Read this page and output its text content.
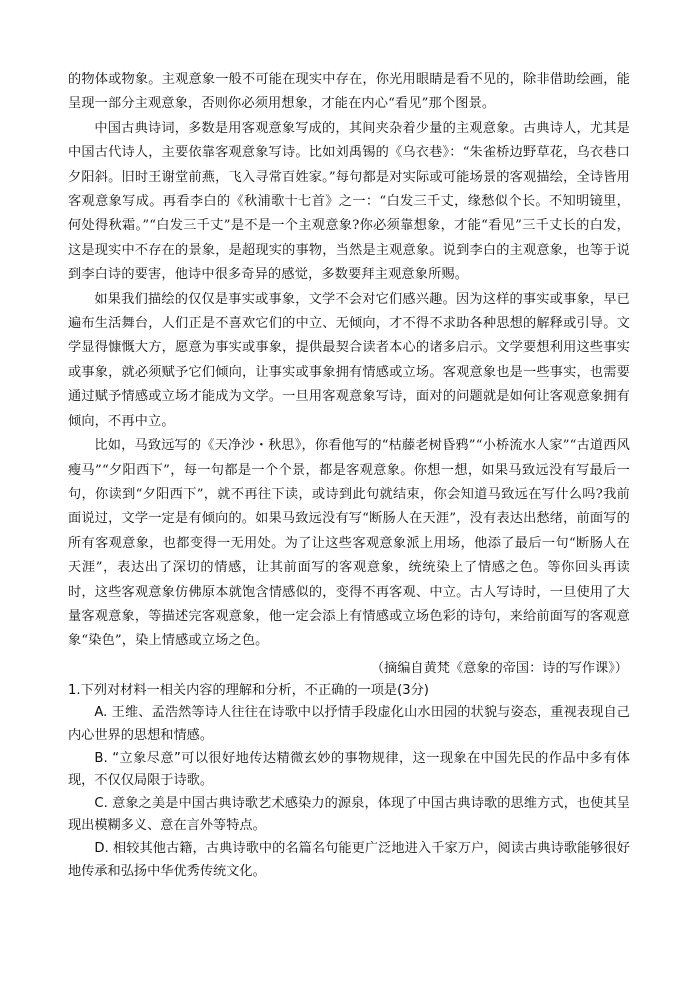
的物体或物象。主观意象一般不可能在现实中存在，你光用眼睛是看不见的，除非借助绘画，能呈现一部分主观意象，否则你必须用想象，才能在内心“看见”那个图景。

中国古典诗词，多数是用客观意象写成的，其间夹杂着少量的主观意象。古典诗人，尤其是中国古代诗人，主要依靠客观意象写诗。比如刘禹锡的《乌衣巷》：“朱雀桥边野草花，乌衣巷口夕阳斜。旧时王谢堂前燕，飞入寻常百姓家。”每句都是对实际或可能场景的客观描绘，全诗皆用客观意象写成。再看李白的《秋浦歌十七首》之一：“白发三千丈，缘愁似个长。不知明镜里，何处得秋霜。”“白发三千丈”是不是一个主观意象?你必须靠想象，才能“看见”三千丈长的白发，这是现实中不存在的景象，是超现实的事物，当然是主观意象。说到李白的主观意象，也等于说到李白诗的要害，他诗中很多奇异的感觉，多数要拜主观意象所赐。

如果我们描绘的仅仅是事实或事象，文学不会对它们感兴趣。因为这样的事实或事象，早已遍布生活舞台，人们正是不喜欢它们的中立、无倾向，才不得不求助各种思想的解释或引导。文学显得慷慨大方，愿意为事实或事象，提供最契合读者本心的诸多启示。文学要想利用这些事实或事象，就必须赋予它们倾向，让事实或事象拥有情感或立场。客观意象也是一些事实，也需要通过赋予情感或立场才能成为文学。一旦用客观意象写诗，面对的问题就是如何让客观意象拥有倾向，不再中立。

比如，马致远写的《天净沙・秋思》，你看他写的“枯藤老树昏鸦”“小桥流水人家”“古道西风瘦马”“夕阳西下”，每一句都是一个个景，都是客观意象。你想一想，如果马致远没有写最后一句，你读到“夕阳西下”，就不再往下读，或诗到此句就结束，你会知道马致远在写什么吗?我前面说过，文学一定是有倾向的。如果马致远没有写“断肠人在天涯”，没有表达出愁绪，前面写的所有客观意象，也都变得一无用处。为了让这些客观意象派上用场，他添了最后一句“断肠人在天涯”，表达出了深切的情感，让其前面写的客观意象，统统染上了情感之色。等你回头再读时，这些客观意象仿佛原本就饱含情感似的，变得不再客观、中立。古人写诗时，一旦使用了大量客观意象，等描述完客观意象，他一定会添上有情感或立场色彩的诗句，来给前面写的客观意象“染色”，染上情感或立场之色。

（摘编自黄梵《意象的帝国：诗的写作课》）

1.下列对材料一相关内容的理解和分析，不正确的一项是(3分)

A. 王维、孟浩然等诗人往往在诗歌中以抒情手段虚化山水田园的状貌与姿态，重视表现自己内心世界的思想和情感。

B. “立象尽意”可以很好地传达精微玄妙的事物规律，这一现象在中国先民的作品中多有体现，不仅仅局限于诗歌。

C. 意象之美是中国古典诗歌艺术感染力的源泉，体现了中国古典诗歌的思维方式，也使其呈现出模糊多义、意在言外等特点。

D. 相较其他古籍，古典诗歌中的名篇名句能更广泛地进入千家万户，阅读古典诗歌能够很好地传承和弘扬中华优秀传统文化。
